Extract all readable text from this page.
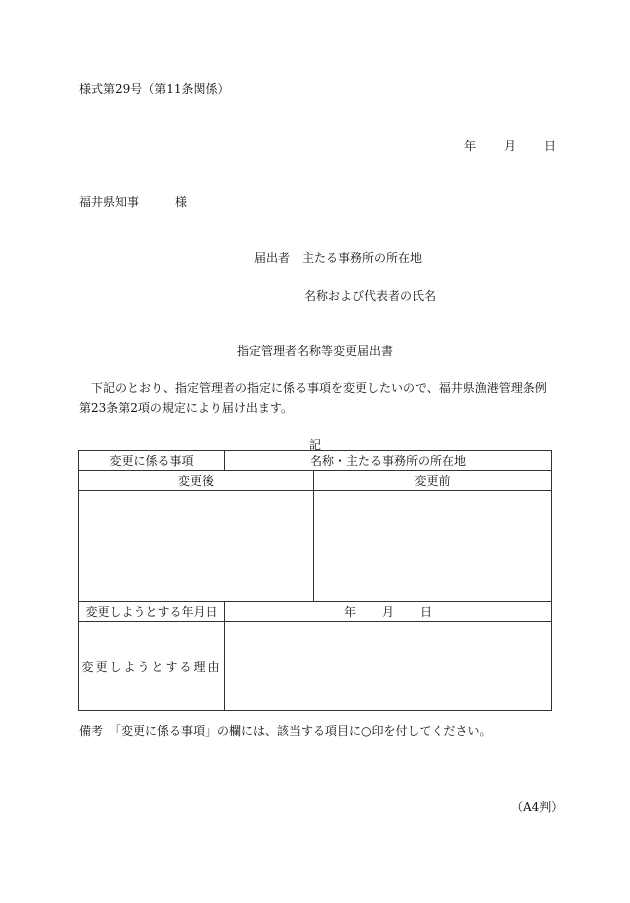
様式第29号（第11条関係）
年 月 日
福井県知事　　　様
届出者　主たる事務所の所在地
名称および代表者の氏名
指定管理者名称等変更届出書
下記のとおり、指定管理者の指定に係る事項を変更したいので、福井県漁港管理条例第23条第2項の規定により届け出ます。
記
変更に係る事項	名称・主たる事務所の所在地	
変更後		変更前

変更しようとする年月日	年 月 日	
変更しようとする理由		
備考　「変更に係る事項」の欄には、該当する項目に○印を付してください。
（A4判）
